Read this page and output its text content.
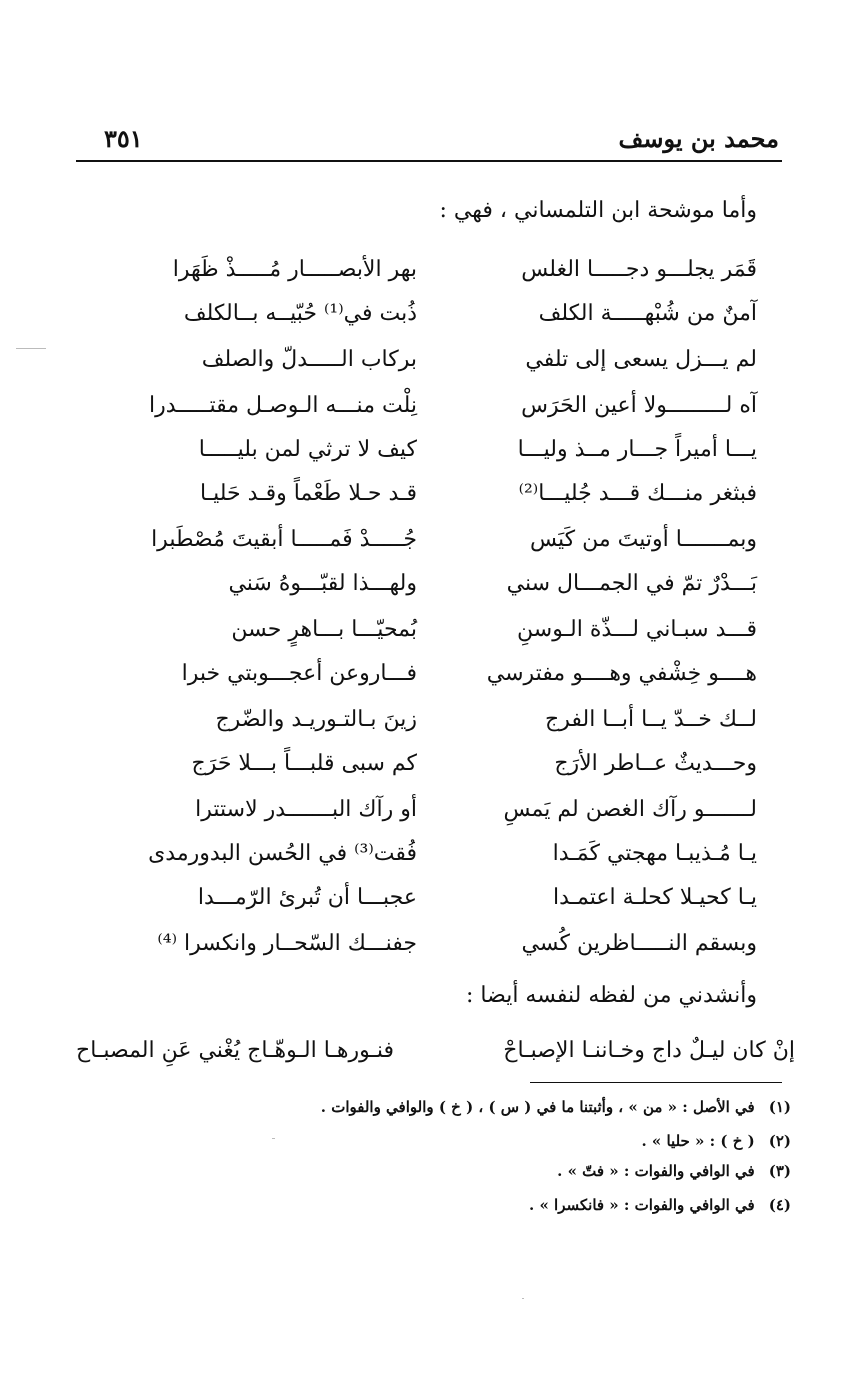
محمد بن يوسف
٣٥١
وأما موشحة ابن التلمساني ، فهي :
قَمَر يجلـــو دجـــــا الغلس
بهر الأبصـــــار مُـــــذْ ظَهَرا
آمنٌ من شُبْهـــــة الكلف
ذُبت في⁽¹⁾ حُبّيــه بــالكلف
لم يـــزل يسعى إلى تلفي
بركاب الـــــدلّ والصلف
آه لـــــــــولا أعين الحَرَس
نِلْت منـــه الـوصـل مقتـــــدرا
يـــا أميراً جـــار مــذ وليـــا
كيف لا ترثي لمن بليـــــا
فبثغر منـــك قـــد جُليـــا⁽²⁾
قـد حـلا طَعْماً وقـد حَليـا
وبمـــــــا أوتيتَ من كَيَس
جُـــــدْ فَمـــــا أبقيتَ مُصْطَبرا
بَـــدْرٌ تمّ في الجمـــال سني
ولهـــذا لقبّـــوهُ سَني
قـــد سبـاني لـــذّة الـوسنِ
بُمحيّـــا بـــاهرٍ حسن
هــــو خِشْفي وهــــو مفترسي
فـــاروعن أعجـــوبتي خبرا
لــك خــدّ يــا أبــا الفرج
زينَ بـالتـوريـد والضّرج
وحـــديثٌ عــاطر الأرَج
كم سبى قلبـــاً بـــلا حَرَج
لـــــــو رآك الغصن لم يَمسِ
أو رآك البـــــــدر لاستترا
يـا مُـذيبـا مهجتي كَمَـدا
فُقت⁽³⁾ في الحُسن البدورمدى
يـا كحيـلا كحلـة اعتمـدا
عجبـــا أن تُبرئ الرّمـــدا
وبسقم النـــــاظرين كُسي
جفنـــك السّحــار وانكسرا ⁽⁴⁾
وأنشدني من لفظه لنفسه أيضا :
إنْ كان ليـلٌ داج وخـاننـا الإصبـاحْ
فنـورهـا الـوهّـاج يُغْني عَنِ المصبـاح
(١)في الأصل : « من » ، وأثبتنا ما في ( س ) ، ( خ ) والوافي والفوات .
(٢)( خ ) : « حليا » .
(٣)في الوافي والفوات : « فتّ » .
(٤)في الوافي والفوات : « فانكسرا » .
